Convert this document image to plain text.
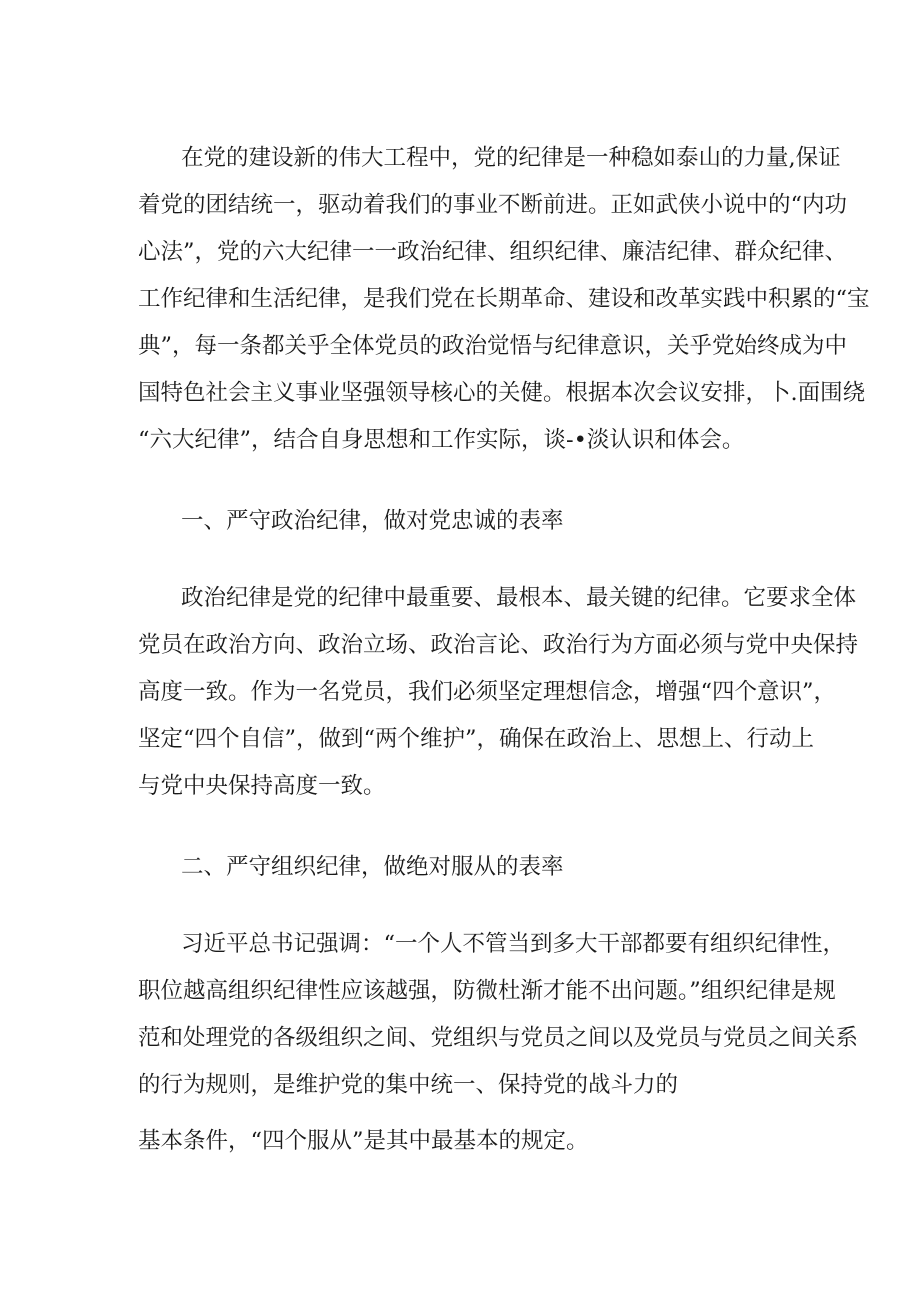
在党的建设新的伟大工程中，党的纪律是一种稳如泰山的力量,保证
着党的团结统一，驱动着我们的事业不断前进。正如武侠小说中的“内功
心法”，党的六大纪律一一政治纪律、组织纪律、廉洁纪律、群众纪律、
工作纪律和生活纪律，是我们党在长期革命、建设和改革实践中积累的“宝
典”，每一条都关乎全体党员的政治觉悟与纪律意识，关乎党始终成为中
国特色社会主义事业坚强领导核心的关健。根据本次会议安排，卜.面围绕
“六大纪律”，结合自身思想和工作实际，谈-•淡认识和体会。
一、严守政治纪律，做对党忠诚的表率
政治纪律是党的纪律中最重要、最根本、最关键的纪律。它要求全体
党员在政治方向、政治立场、政治言论、政治行为方面必须与党中央保持
高度一致。作为一名党员，我们必须坚定理想信念，增强“四个意识”，
坚定“四个自信”，做到“两个维护”，确保在政治上、思想上、行动上
与党中央保持高度一致。
二、严守组织纪律，做绝对服从的表率
习近平总书记强调：“一个人不管当到多大干部都要有组织纪律性，
职位越高组织纪律性应该越强，防微杜渐才能不出问题。”组织纪律是规
范和处理党的各级组织之间、党组织与党员之间以及党员与党员之间关系
的行为规则，是维护党的集中统一、保持党的战斗力的
基本条件，“四个服从”是其中最基本的规定。
